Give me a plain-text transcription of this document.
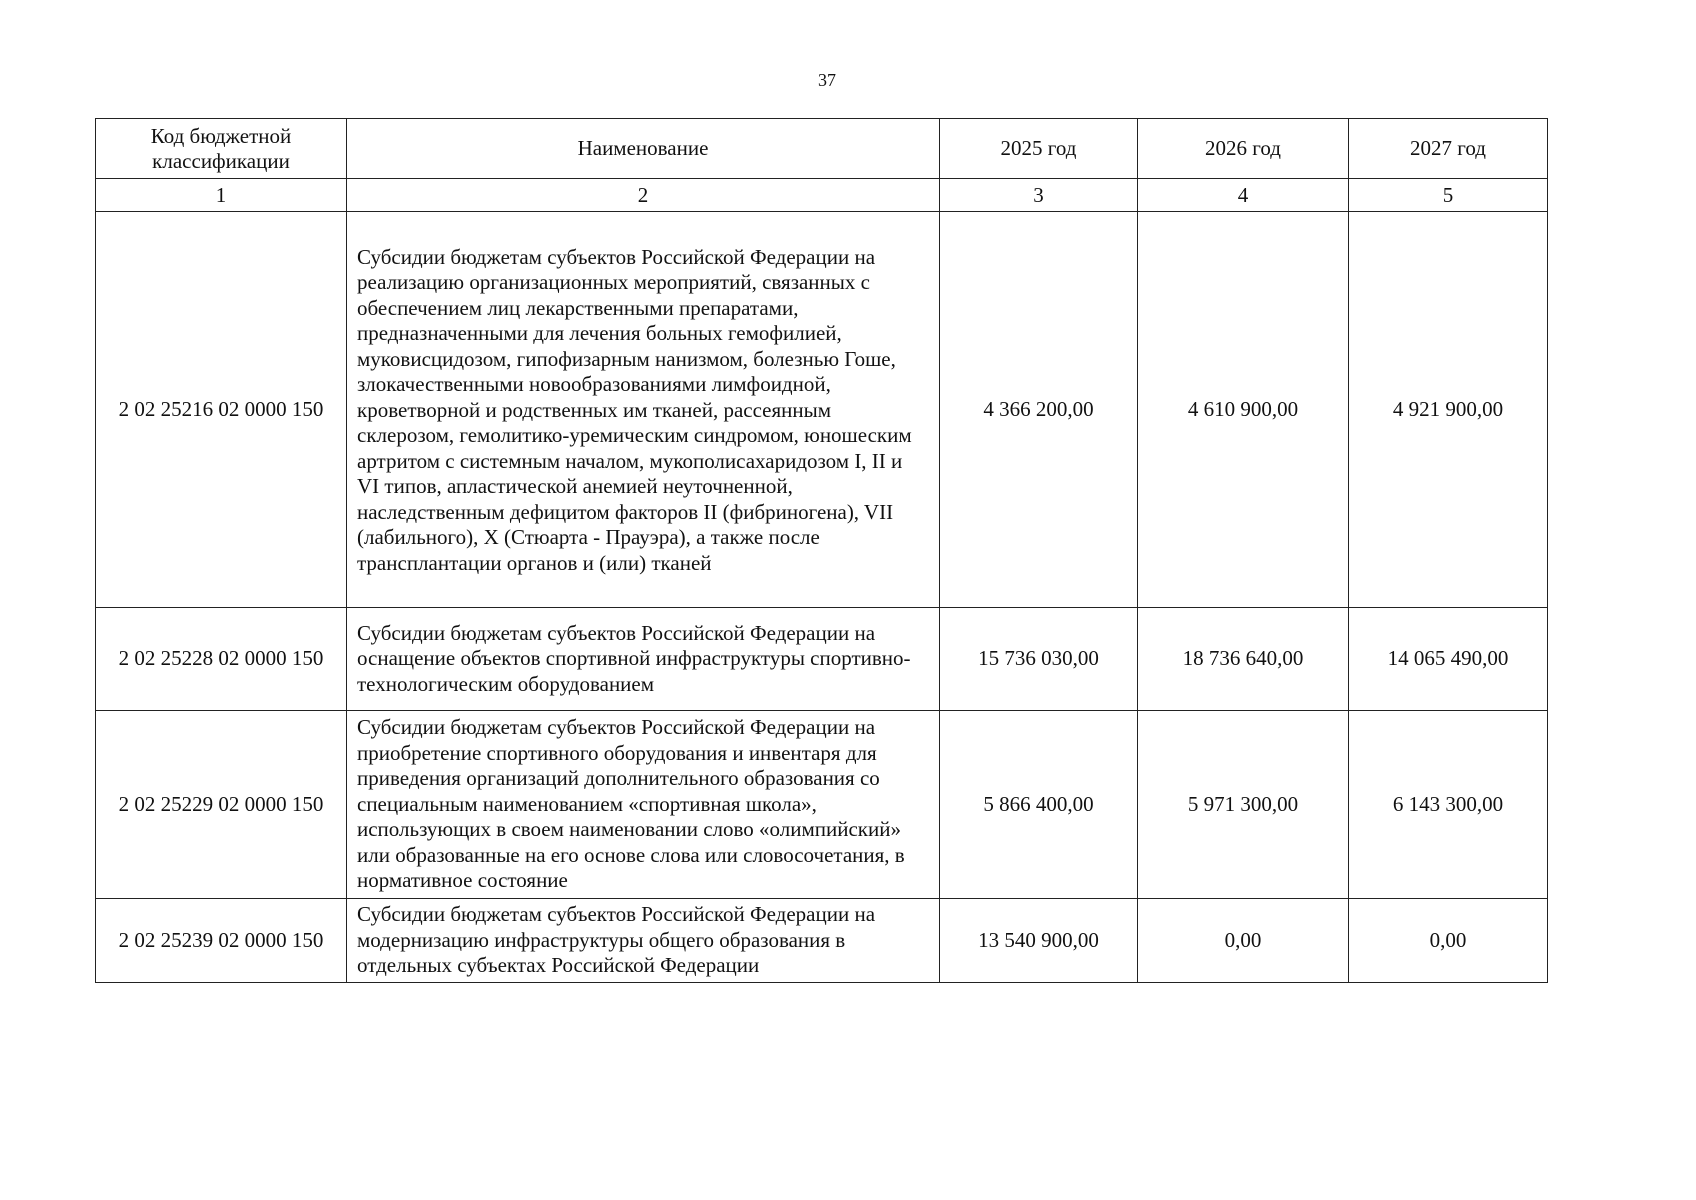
37
Код бюджетной классификации	Наименование	2025 год	2026 год	2027 год
1	2	3	4	5
2 02 25216 02 0000 150	Субсидии бюджетам субъектов Российской Федерации на реализацию организационных мероприятий, связанных с обеспечением лиц лекарственными препаратами, предназначенными для лечения больных гемофилией, муковисцидозом, гипофизарным нанизмом, болезнью Гоше, злокачественными новообразованиями лимфоидной, кроветворной и родственных им тканей, рассеянным склерозом, гемолитико-уремическим синдромом, юношеским артритом с системным началом, мукополисахаридозом I, II и VI типов, апластической анемией неуточненной, наследственным дефицитом факторов II (фибриногена), VII (лабильного), X (Стюарта - Прауэра), а также после трансплантации органов и (или) тканей	4 366 200,00	4 610 900,00	4 921 900,00
2 02 25228 02 0000 150	Субсидии бюджетам субъектов Российской Федерации на оснащение объектов спортивной инфраструктуры спортивно-технологическим оборудованием	15 736 030,00	18 736 640,00	14 065 490,00
2 02 25229 02 0000 150	Субсидии бюджетам субъектов Российской Федерации на приобретение спортивного оборудования и инвентаря для приведения организаций дополнительного образования со специальным наименованием «спортивная школа», использующих в своем наименовании слово «олимпийский» или образованные на его основе слова или словосочетания, в нормативное состояние	5 866 400,00	5 971 300,00	6 143 300,00
2 02 25239 02 0000 150	Субсидии бюджетам субъектов Российской Федерации на модернизацию инфраструктуры общего образования в отдельных субъектах Российской Федерации	13 540 900,00	0,00	0,00
